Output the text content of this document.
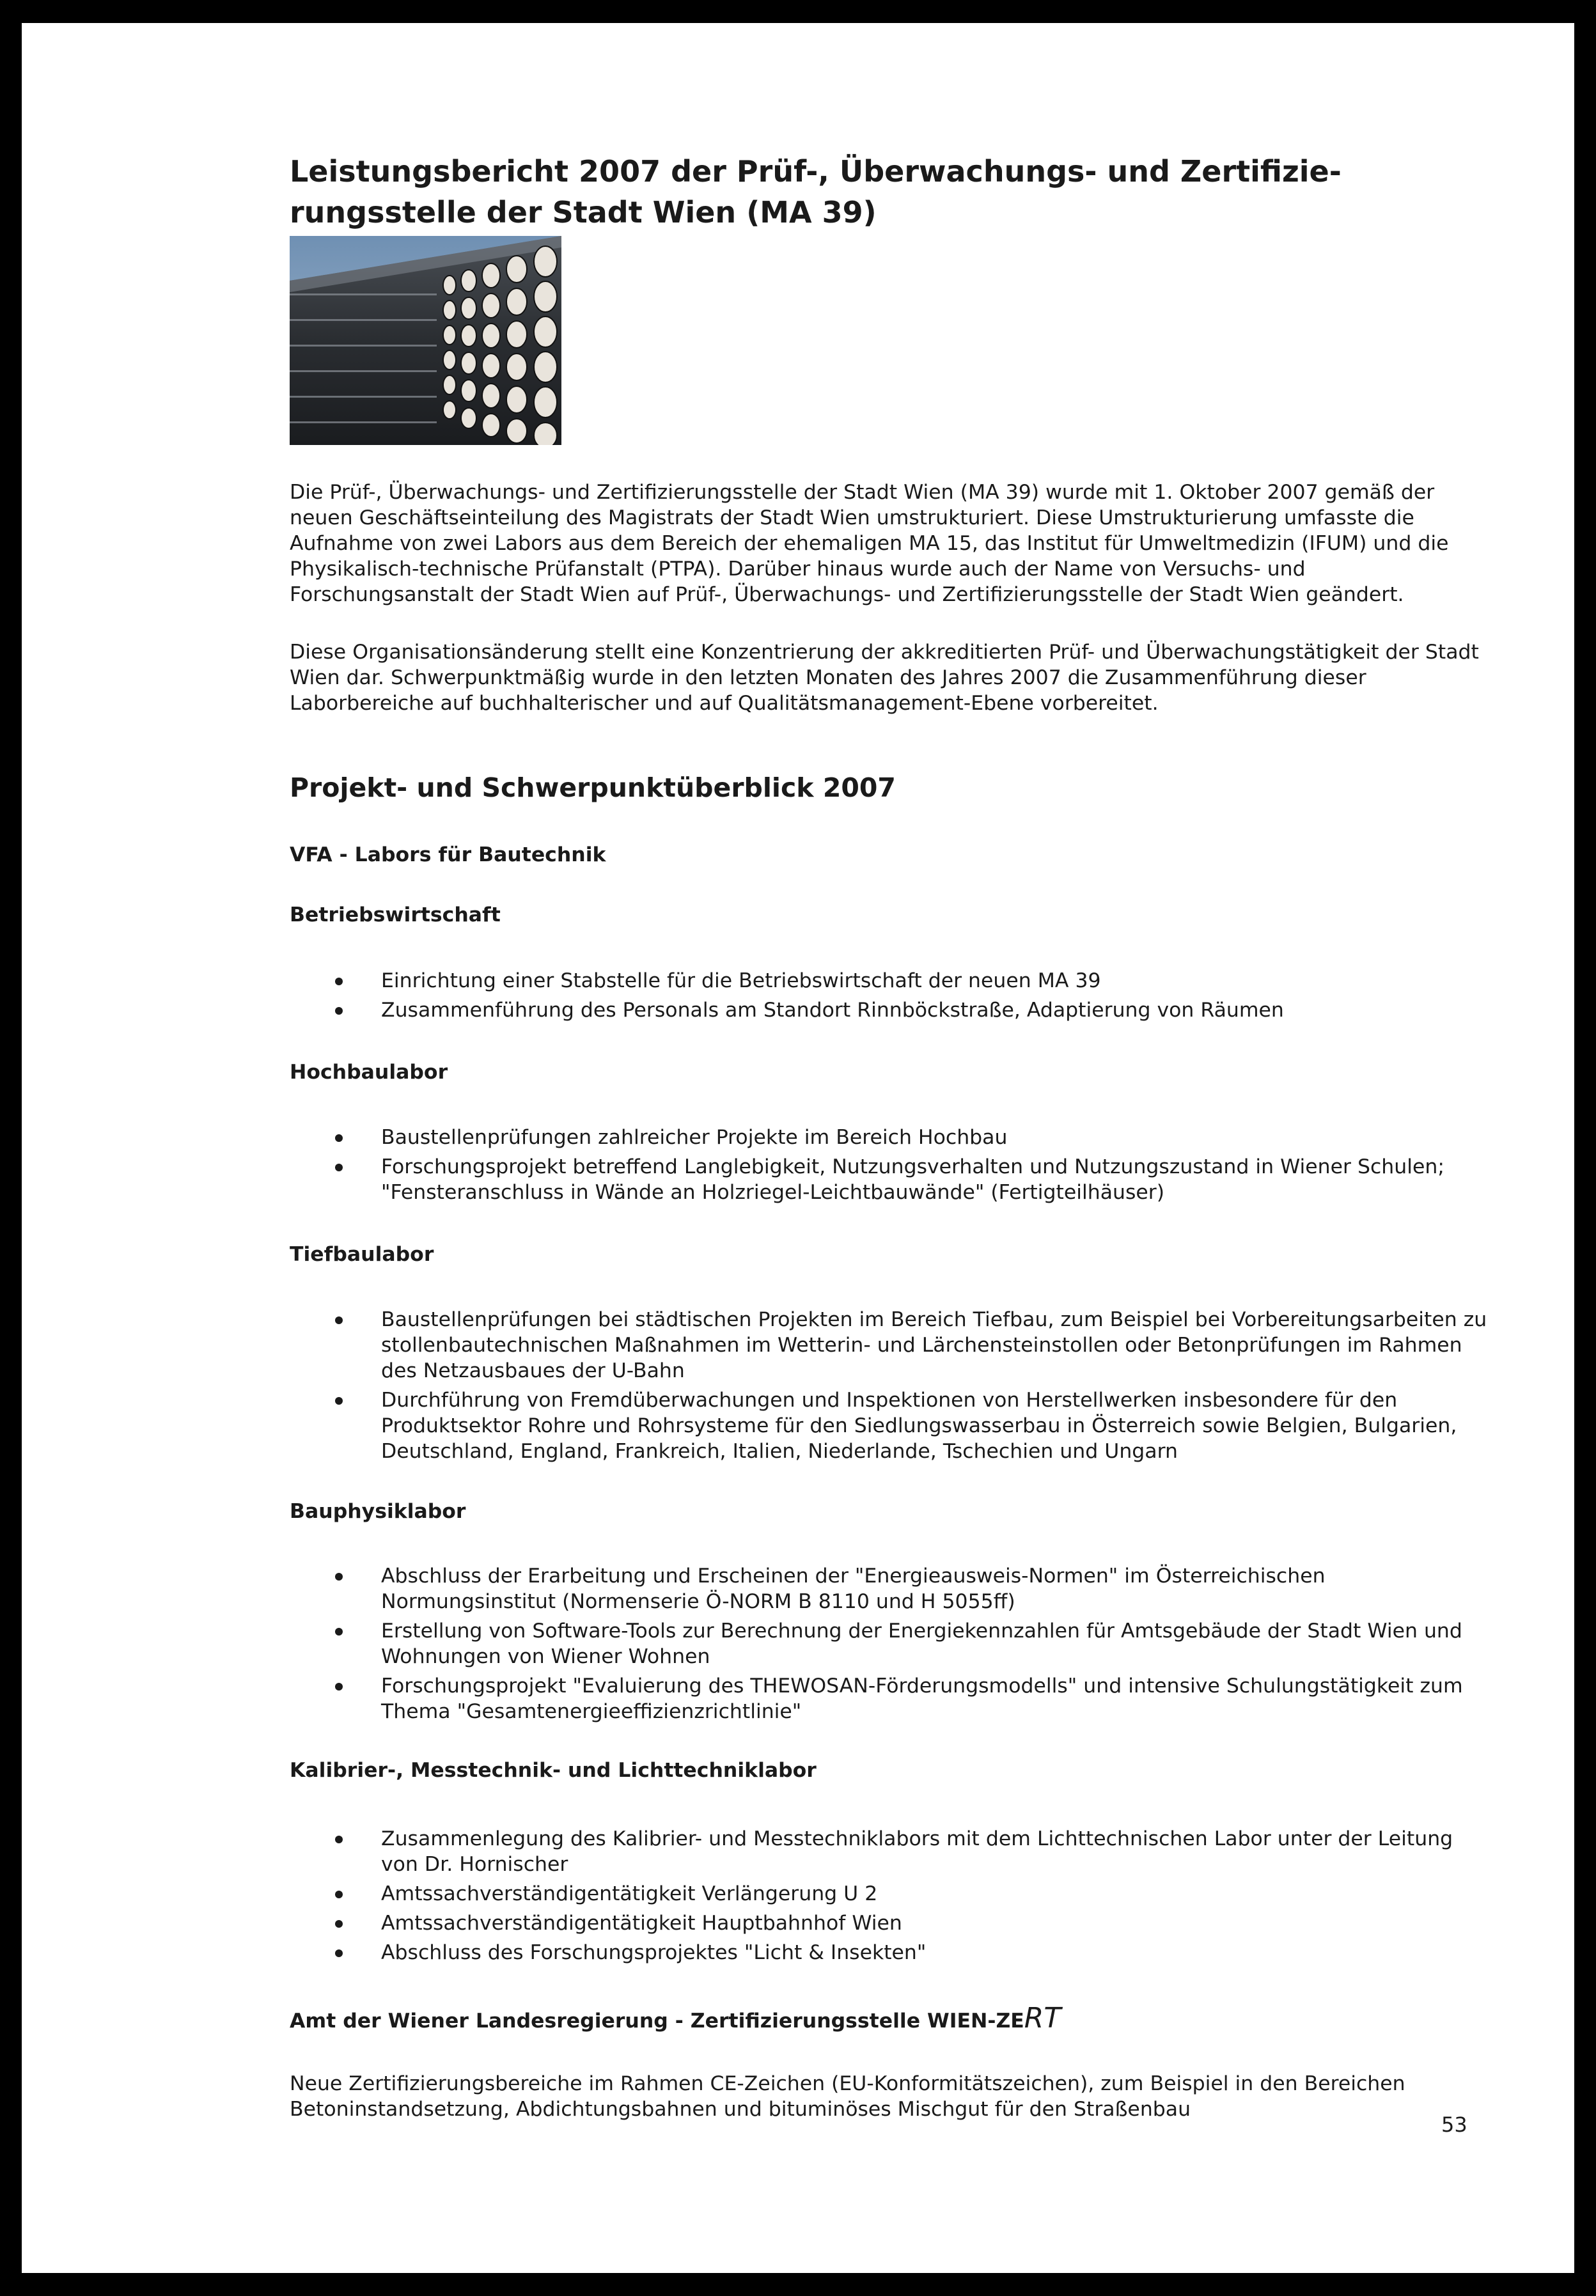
Leistungsbericht 2007 der Prüf-, Überwachungs- und Zertifizie-rungsstelle der Stadt Wien (MA 39)

Die Prüf-, Überwachungs- und Zertifizierungsstelle der Stadt Wien (MA 39) wurde mit 1. Oktober 2007 gemäß der neuen Geschäftseinteilung des Magistrats der Stadt Wien umstrukturiert. Diese Umstrukturierung umfasste die Aufnahme von zwei Labors aus dem Bereich der ehemaligen MA 15, das Institut für Umweltmedizin (IFUM) und die Physikalisch-technische Prüfanstalt (PTPA). Darüber hinaus wurde auch der Name von Versuchs- und Forschungsanstalt der Stadt Wien auf Prüf-, Überwachungs- und Zertifizierungsstelle der Stadt Wien geändert.

Diese Organisationsänderung stellt eine Konzentrierung der akkreditierten Prüf- und Überwachungstätigkeit der Stadt Wien dar. Schwerpunktmäßig wurde in den letzten Monaten des Jahres 2007 die Zusammenführung dieser Laborbereiche auf buchhalterischer und auf Qualitätsmanagement-Ebene vorbereitet.

Projekt- und Schwerpunktüberblick 2007
VFA - Labors für Bautechnik
Betriebswirtschaft
Einrichtung einer Stabstelle für die Betriebswirtschaft der neuen MA 39
Zusammenführung des Personals am Standort Rinnböckstraße, Adaptierung von Räumen
Hochbaulabor
Baustellenprüfungen zahlreicher Projekte im Bereich Hochbau
Forschungsprojekt betreffend Langlebigkeit, Nutzungsverhalten und Nutzungszustand in Wiener Schulen; "Fensteranschluss in Wände an Holzriegel-Leichtbauwände" (Fertigteilhäuser)
Tiefbaulabor
Baustellenprüfungen bei städtischen Projekten im Bereich Tiefbau, zum Beispiel bei Vorbereitungsarbeiten zu stollenbautechnischen Maßnahmen im Wetterin- und Lärchensteinstollen oder Betonprüfungen im Rahmen des Netzausbaues der U-Bahn
Durchführung von Fremdüberwachungen und Inspektionen von Herstellwerken insbesondere für den Produktsektor Rohre und Rohrsysteme für den Siedlungswasserbau in Österreich sowie Belgien, Bulgarien, Deutschland, England, Frankreich, Italien, Niederlande, Tschechien und Ungarn
Bauphysiklabor
Abschluss der Erarbeitung und Erscheinen der "Energieausweis-Normen" im Österreichischen Normungsinstitut (Normenserie Ö-NORM B 8110 und H 5055ff)
Erstellung von Software-Tools zur Berechnung der Energiekennzahlen für Amtsgebäude der Stadt Wien und Wohnungen von Wiener Wohnen
Forschungsprojekt "Evaluierung des THEWOSAN-Förderungsmodells" und intensive Schulungstätigkeit zum Thema "Gesamtenergieeffizienzrichtlinie"
Kalibrier-, Messtechnik- und Lichttechniklabor
Zusammenlegung des Kalibrier- und Messtechniklabors mit dem Lichttechnischen Labor unter der Leitung von Dr. Hornischer
Amtssachverständigentätigkeit Verlängerung U 2
Amtssachverständigentätigkeit Hauptbahnhof Wien
Abschluss des Forschungsprojektes "Licht & Insekten"
Amt der Wiener Landesregierung - Zertifizierungsstelle WIEN-ZERT

Neue Zertifizierungsbereiche im Rahmen CE-Zeichen (EU-Konformitätszeichen), zum Beispiel in den Bereichen Betoninstandsetzung, Abdichtungsbahnen und bituminöses Mischgut für den Straßenbau

53
